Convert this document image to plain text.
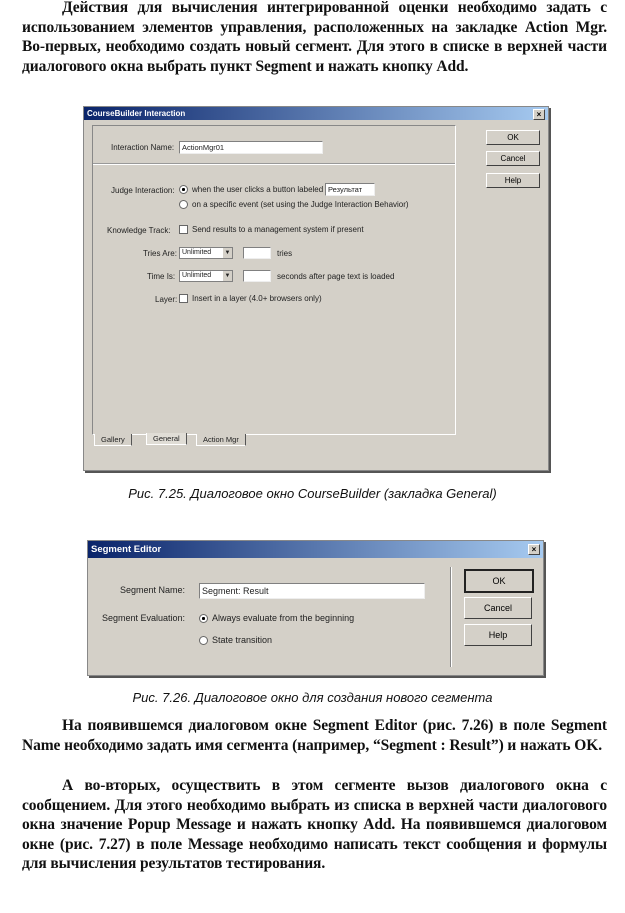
Действия для вычисления интегрированной оценки необходимо задать с использованием элементов управления, расположенных на закладке Action Mgr. Во-первых, необходимо создать новый сегмент. Для этого в списке в верхней части диалогового окна выбрать пункт Segment и нажать кнопку Add.
CourseBuilder Interaction	×
Interaction Name:	ActionMgr01
Judge Interaction:	when the user clicks a button labeled Результат
on a specific event (set using the Judge Interaction Behavior)
Knowledge Track:	Send results to a management system if present
Tries Are: Unlimited ▼	tries
Time Is: Unlimited ▼	seconds after page text is loaded
Layer:	Insert in a layer (4.0+ browsers only)
Gallery	General	Action Mgr
OK
Cancel
Help
Рис. 7.25. Диалоговое окно CourseBuilder (закладка General)
Segment Editor	×
Segment Name:	Segment: Result
Segment Evaluation:	Always evaluate from the beginning
State transition
OK
Cancel
Help
Рис. 7.26. Диалоговое окно для создания нового сегмента
На появившемся диалоговом окне Segment Editor (рис. 7.26) в поле Segment Name необходимо задать имя сегмента (например, “Segment : Result”) и нажать OK.
А во-вторых, осуществить в этом сегменте вызов диалогового окна с сообщением. Для этого необходимо выбрать из списка в верхней части диалогового окна значение Popup Message и нажать кнопку Add. На появившемся диалоговом окне (рис. 7.27) в поле Message необходимо написать текст сообщения и формулы для вычисления результатов тестирования.
